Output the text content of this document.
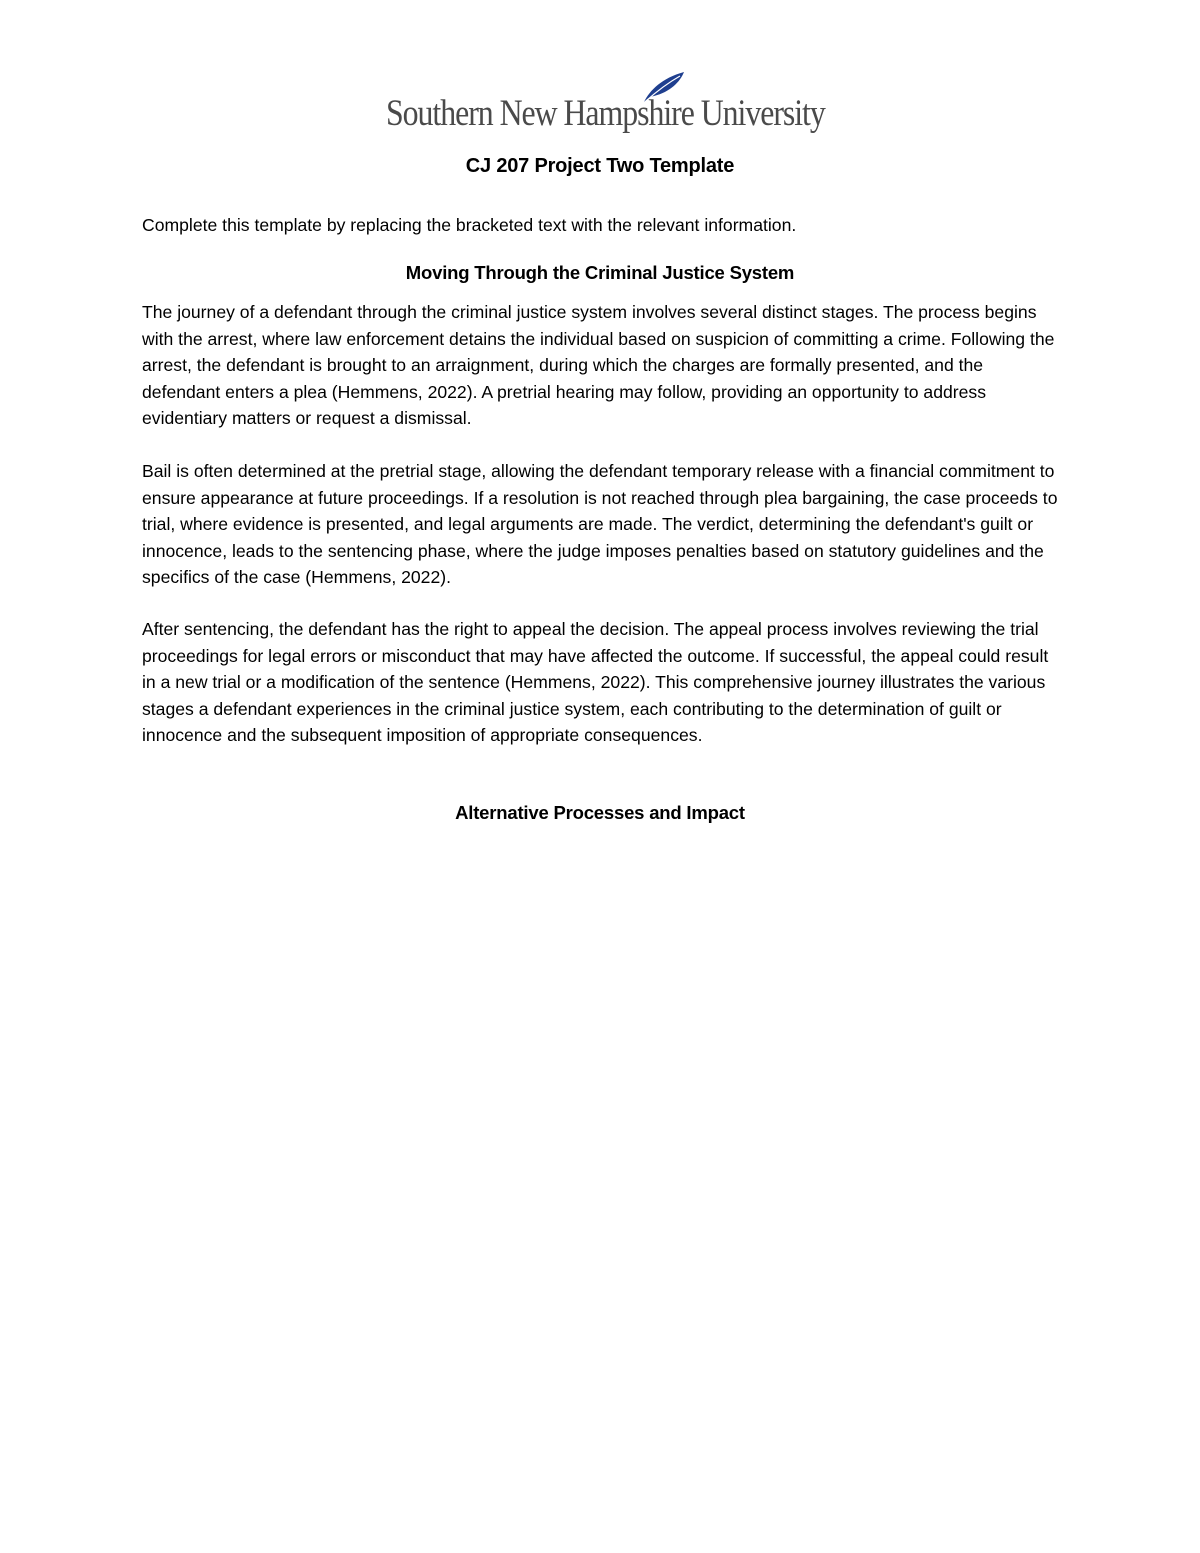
Southern New Hampshire University
CJ 207 Project Two Template
Complete this template by replacing the bracketed text with the relevant information.
Moving Through the Criminal Justice System

The journey of a defendant through the criminal justice system involves several distinct stages. The process begins with the arrest, where law enforcement detains the individual based on suspicion of committing a crime. Following the arrest, the defendant is brought to an arraignment, during which the charges are formally presented, and the defendant enters a plea (Hemmens, 2022). A pretrial hearing may follow, providing an opportunity to address evidentiary matters or request a dismissal.

Bail is often determined at the pretrial stage, allowing the defendant temporary release with a financial commitment to ensure appearance at future proceedings. If a resolution is not reached through plea bargaining, the case proceeds to trial, where evidence is presented, and legal arguments are made. The verdict, determining the defendant's guilt or innocence, leads to the sentencing phase, where the judge imposes penalties based on statutory guidelines and the specifics of the case (Hemmens, 2022).

After sentencing, the defendant has the right to appeal the decision. The appeal process involves reviewing the trial proceedings for legal errors or misconduct that may have affected the outcome. If successful, the appeal could result in a new trial or a modification of the sentence (Hemmens, 2022). This comprehensive journey illustrates the various stages a defendant experiences in the criminal justice system, each contributing to the determination of guilt or innocence and the subsequent imposition of appropriate consequences.

Alternative Processes and Impact
